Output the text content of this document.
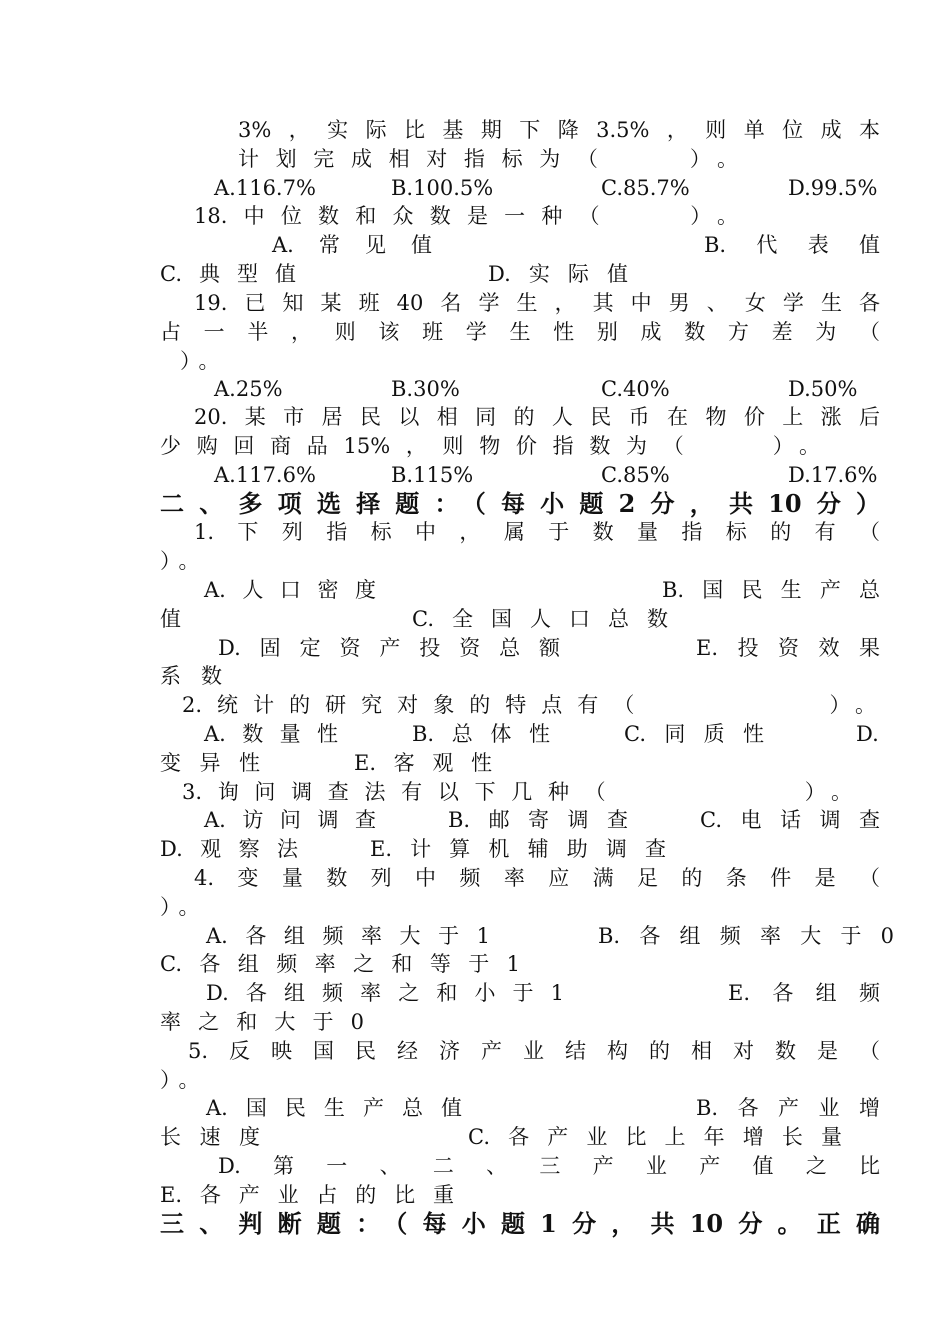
3%，实际比基期下降3.5%，则单位成本
计划完成相对指标为（　　）。
A.116.7%	B.100.5%	C.85.7%	D.99.5%
18.中位数和众数是一种（　　）。
A.常见值	B.代表值
C.典型值	D.实际值
19.已知某班40名学生，其中男、女学生各
占一半，则该班学生性别成数方差为（
）。
A.25%	B.30%	C.40%	D.50%
20.某市居民以相同的人民币在物价上涨后
少购回商品15%，则物价指数为（　　）。
A.117.6%	B.115%	C.85%	D.17.6%
二、多项选择题：（每小题2分，共10分）
1.下列指标中，属于数量指标的有（
）。
A.人口密度	B.国民生产总
值	C.全国人口总数
D.固定资产投资总额	E.投资效果
系数
2.统计的研究对象的特点有（　　　　　）。
A.数量性	B.总体性	C.同质性	D.
变异性	E.客观性
3.询问调查法有以下几种（　　　　　）。
A.访问调查	B.邮寄调查	C.电话调查
D.观察法	E.计算机辅助调查
4.变量数列中频率应满足的条件是（
）。
A.各组频率大于1	B.各组频率大于0
C.各组频率之和等于1
D.各组频率之和小于1	E.各组频
率之和大于0
5.反映国民经济产业结构的相对数是（
）。
A.国民生产总值	B.各产业增
长速度	C.各产业比上年增长量
D.第一、二、三产业产值之比
E.各产业占的比重
三、判断题：（每小题1分，共10分。正确
